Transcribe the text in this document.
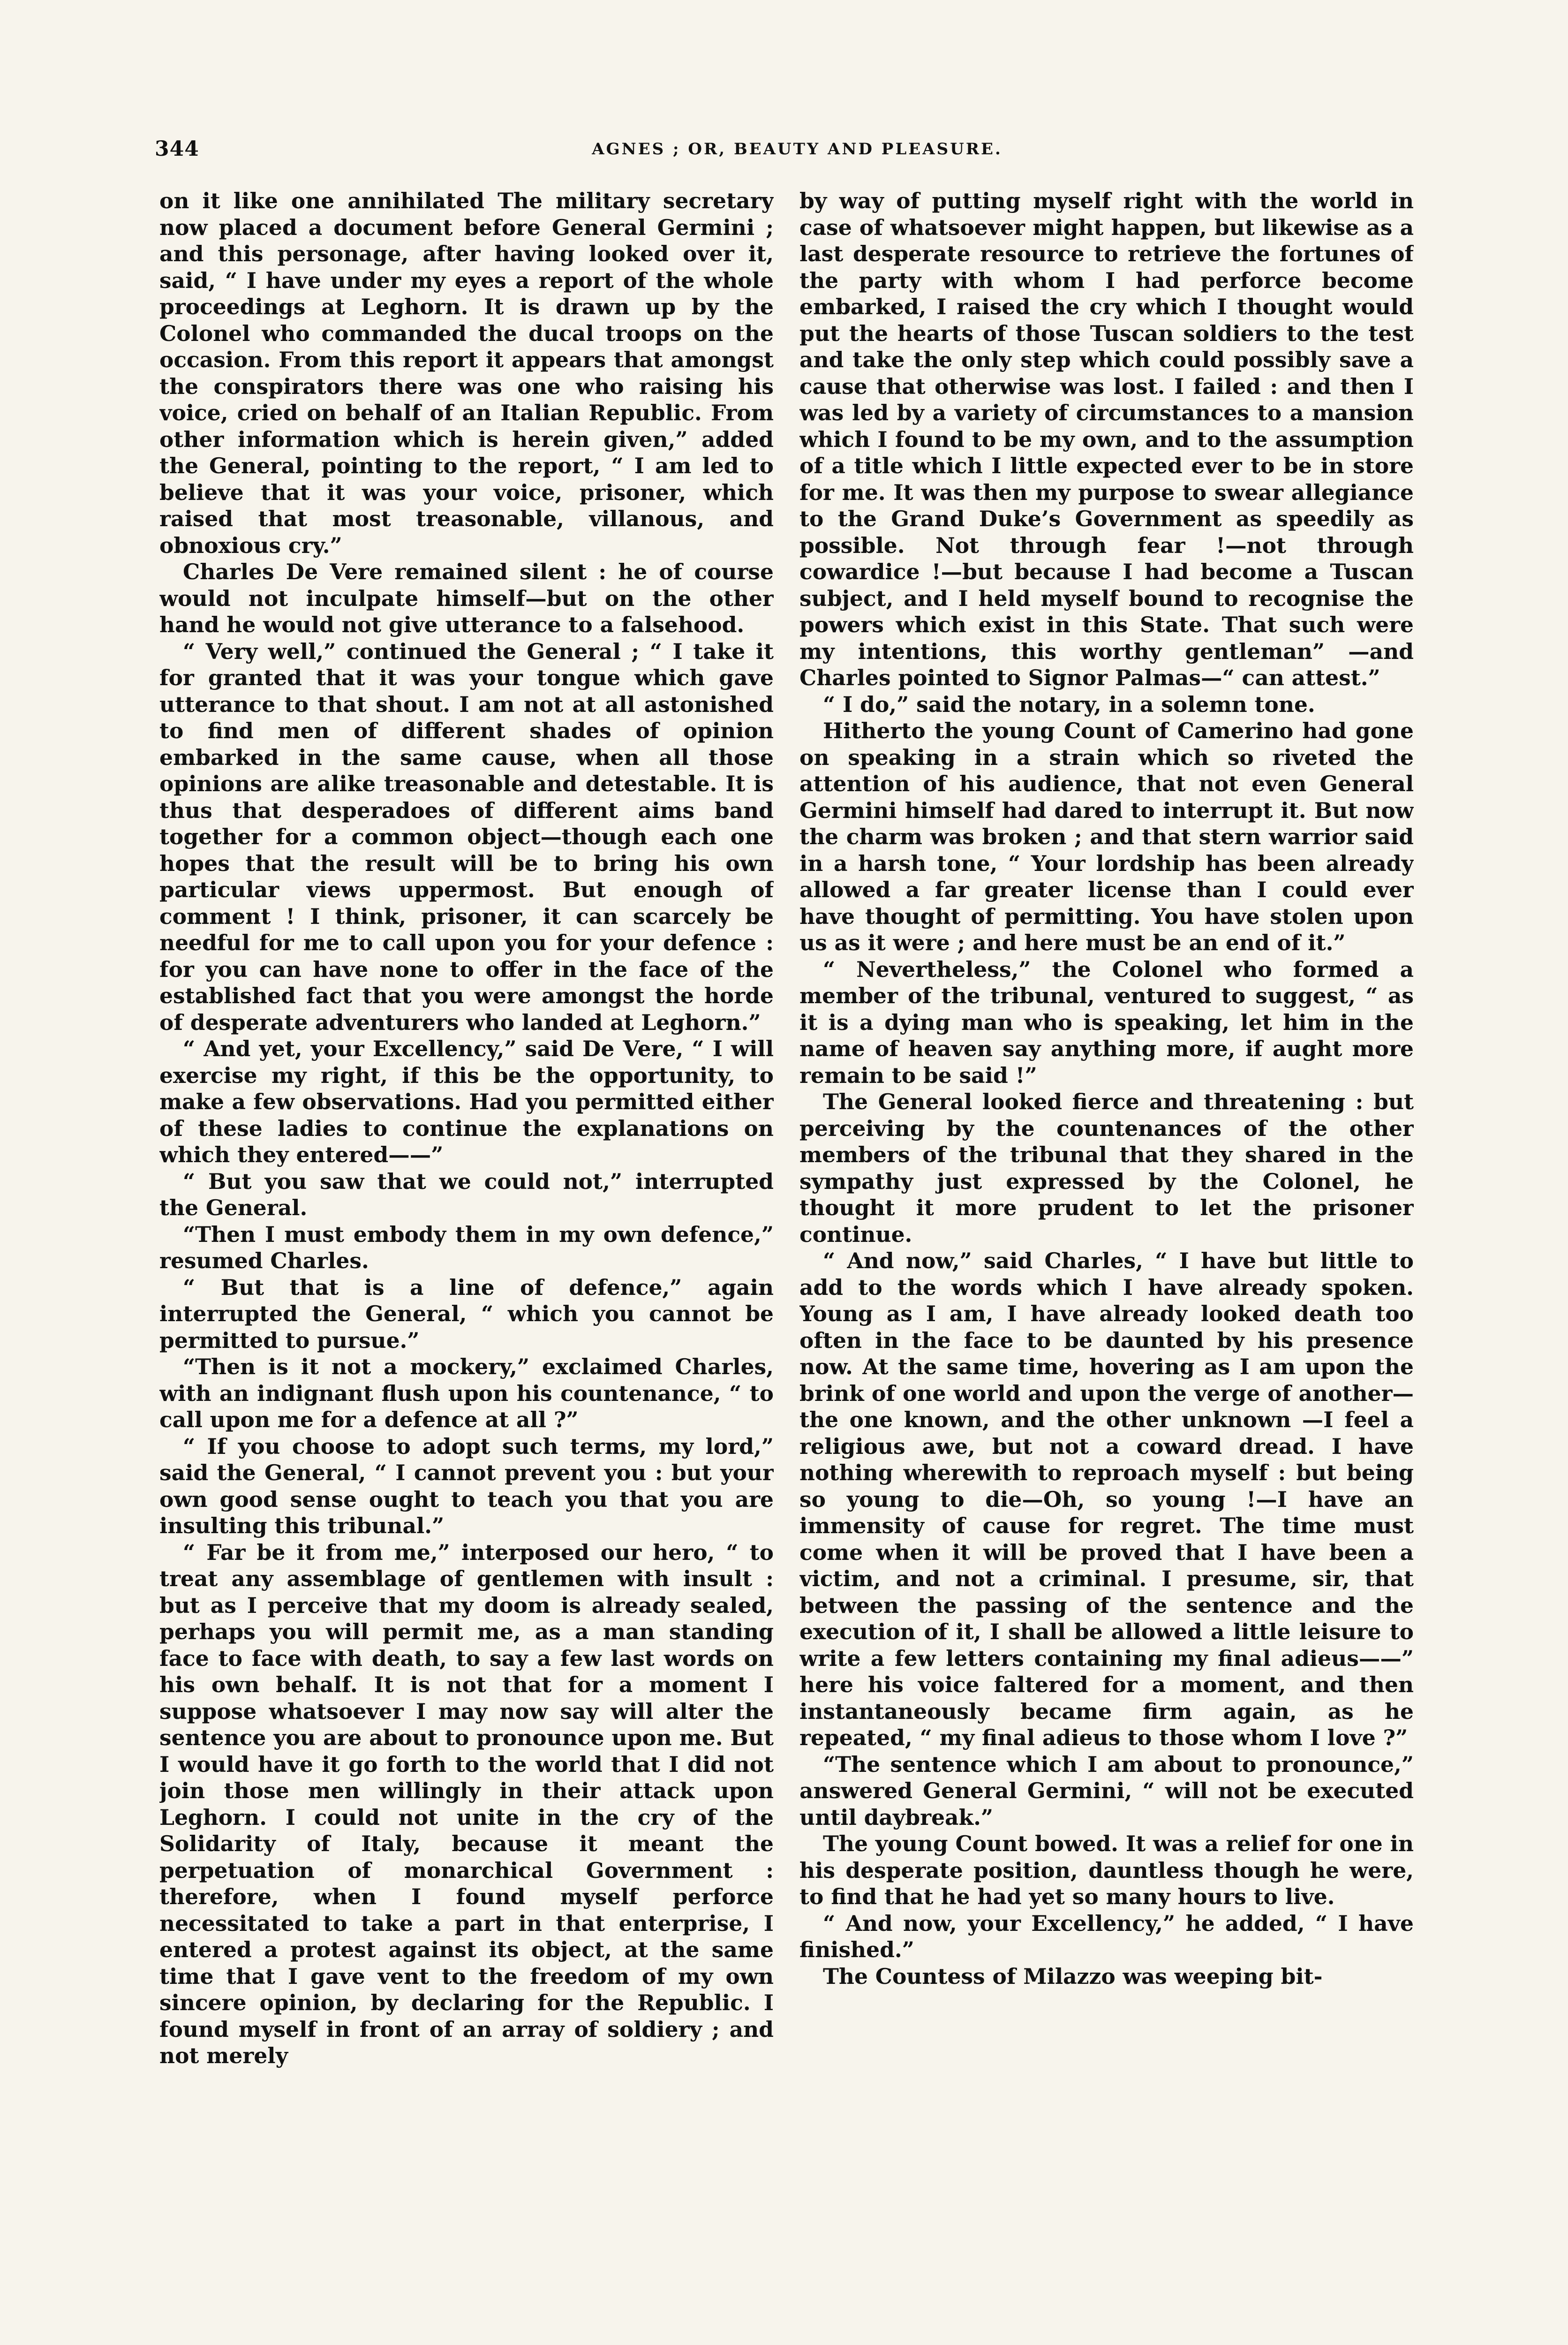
344	AGNES ; OR, BEAUTY AND PLEASURE.

on it like one annihilated The military secretary now placed a document before General Germini ; and this personage, after having looked over it, said, “ I have under my eyes a report of the whole proceedings at Leghorn. It is drawn up by the Colonel who commanded the ducal troops on the occasion. From this report it appears that amongst the conspirators there was one who raising his voice, cried on behalf of an Italian Republic. From other information which is herein given,” added the General, pointing to the report, “ I am led to believe that it was your voice, prisoner, which raised that most treasonable, villanous, and obnoxious cry.”

Charles De Vere remained silent : he of course would not inculpate himself—but on the other hand he would not give utterance to a falsehood.

“ Very well,” continued the General ; “ I take it for granted that it was your tongue which gave utterance to that shout. I am not at all astonished to find men of different shades of opinion embarked in the same cause, when all those opinions are alike treasonable and detestable. It is thus that desperadoes of different aims band together for a common object—though each one hopes that the result will be to bring his own particular views uppermost. But enough of comment ! I think, prisoner, it can scarcely be needful for me to call upon you for your defence : for you can have none to offer in the face of the established fact that you were amongst the horde of desperate adventurers who landed at Leghorn.”

“ And yet, your Excellency,” said De Vere, “ I will exercise my right, if this be the opportunity, to make a few observations. Had you permitted either of these ladies to continue the explanations on which they entered——”

“ But you saw that we could not,” interrupted the General.

“Then I must embody them in my own defence,” resumed Charles.

“ But that is a line of defence,” again interrupted the General, “ which you cannot be permitted to pursue.”

“Then is it not a mockery,” exclaimed Charles, with an indignant flush upon his countenance, “ to call upon me for a defence at all ?”

“ If you choose to adopt such terms, my lord,” said the General, “ I cannot prevent you : but your own good sense ought to teach you that you are insulting this tribunal.”

“ Far be it from me,” interposed our hero, “ to treat any assemblage of gentlemen with insult : but as I perceive that my doom is already sealed, perhaps you will permit me, as a man standing face to face with death, to say a few last words on his own behalf. It is not that for a moment I suppose whatsoever I may now say will alter the sentence you are about to pronounce upon me. But I would have it go forth to the world that I did not join those men willingly in their attack upon Leghorn. I could not unite in the cry of the Solidarity of Italy, because it meant the perpetuation of monarchical Government : therefore, when I found myself perforce necessitated to take a part in that enterprise, I entered a protest against its object, at the same time that I gave vent to the freedom of my own sincere opinion, by declaring for the Republic. I found myself in front of an array of soldiery ; and not merely

by way of putting myself right with the world in case of whatsoever might happen, but likewise as a last desperate resource to retrieve the fortunes of the party with whom I had perforce become embarked, I raised the cry which I thought would put the hearts of those Tuscan soldiers to the test and take the only step which could possibly save a cause that otherwise was lost. I failed : and then I was led by a variety of circumstances to a mansion which I found to be my own, and to the assumption of a title which I little expected ever to be in store for me. It was then my purpose to swear allegiance to the Grand Duke’s Government as speedily as possible. Not through fear !—not through cowardice !—but because I had become a Tuscan subject, and I held myself bound to recognise the powers which exist in this State. That such were my intentions, this worthy gentleman” —and Charles pointed to Signor Palmas—“ can attest.”

“ I do,” said the notary, in a solemn tone.

Hitherto the young Count of Camerino had gone on speaking in a strain which so riveted the attention of his audience, that not even General Germini himself had dared to interrupt it. But now the charm was broken ; and that stern warrior said in a harsh tone, “ Your lordship has been already allowed a far greater license than I could ever have thought of permitting. You have stolen upon us as it were ; and here must be an end of it.”

“ Nevertheless,” the Colonel who formed a member of the tribunal, ventured to suggest, “ as it is a dying man who is speaking, let him in the name of heaven say anything more, if aught more remain to be said !”

The General looked fierce and threatening : but perceiving by the countenances of the other members of the tribunal that they shared in the sympathy just expressed by the Colonel, he thought it more prudent to let the prisoner continue.

“ And now,” said Charles, “ I have but little to add to the words which I have already spoken. Young as I am, I have already looked death too often in the face to be daunted by his presence now. At the same time, hovering as I am upon the brink of one world and upon the verge of another—the one known, and the other unknown —I feel a religious awe, but not a coward dread. I have nothing wherewith to reproach myself : but being so young to die—Oh, so young !—I have an immensity of cause for regret. The time must come when it will be proved that I have been a victim, and not a criminal. I presume, sir, that between the passing of the sentence and the execution of it, I shall be allowed a little leisure to write a few letters containing my final adieus——” here his voice faltered for a moment, and then instantaneously became firm again, as he repeated, “ my final adieus to those whom I love ?”

“The sentence which I am about to pronounce,” answered General Germini, “ will not be executed until daybreak.”

The young Count bowed. It was a relief for one in his desperate position, dauntless though he were, to find that he had yet so many hours to live.

“ And now, your Excellency,” he added, “ I have finished.”

The Countess of Milazzo was weeping bit-
